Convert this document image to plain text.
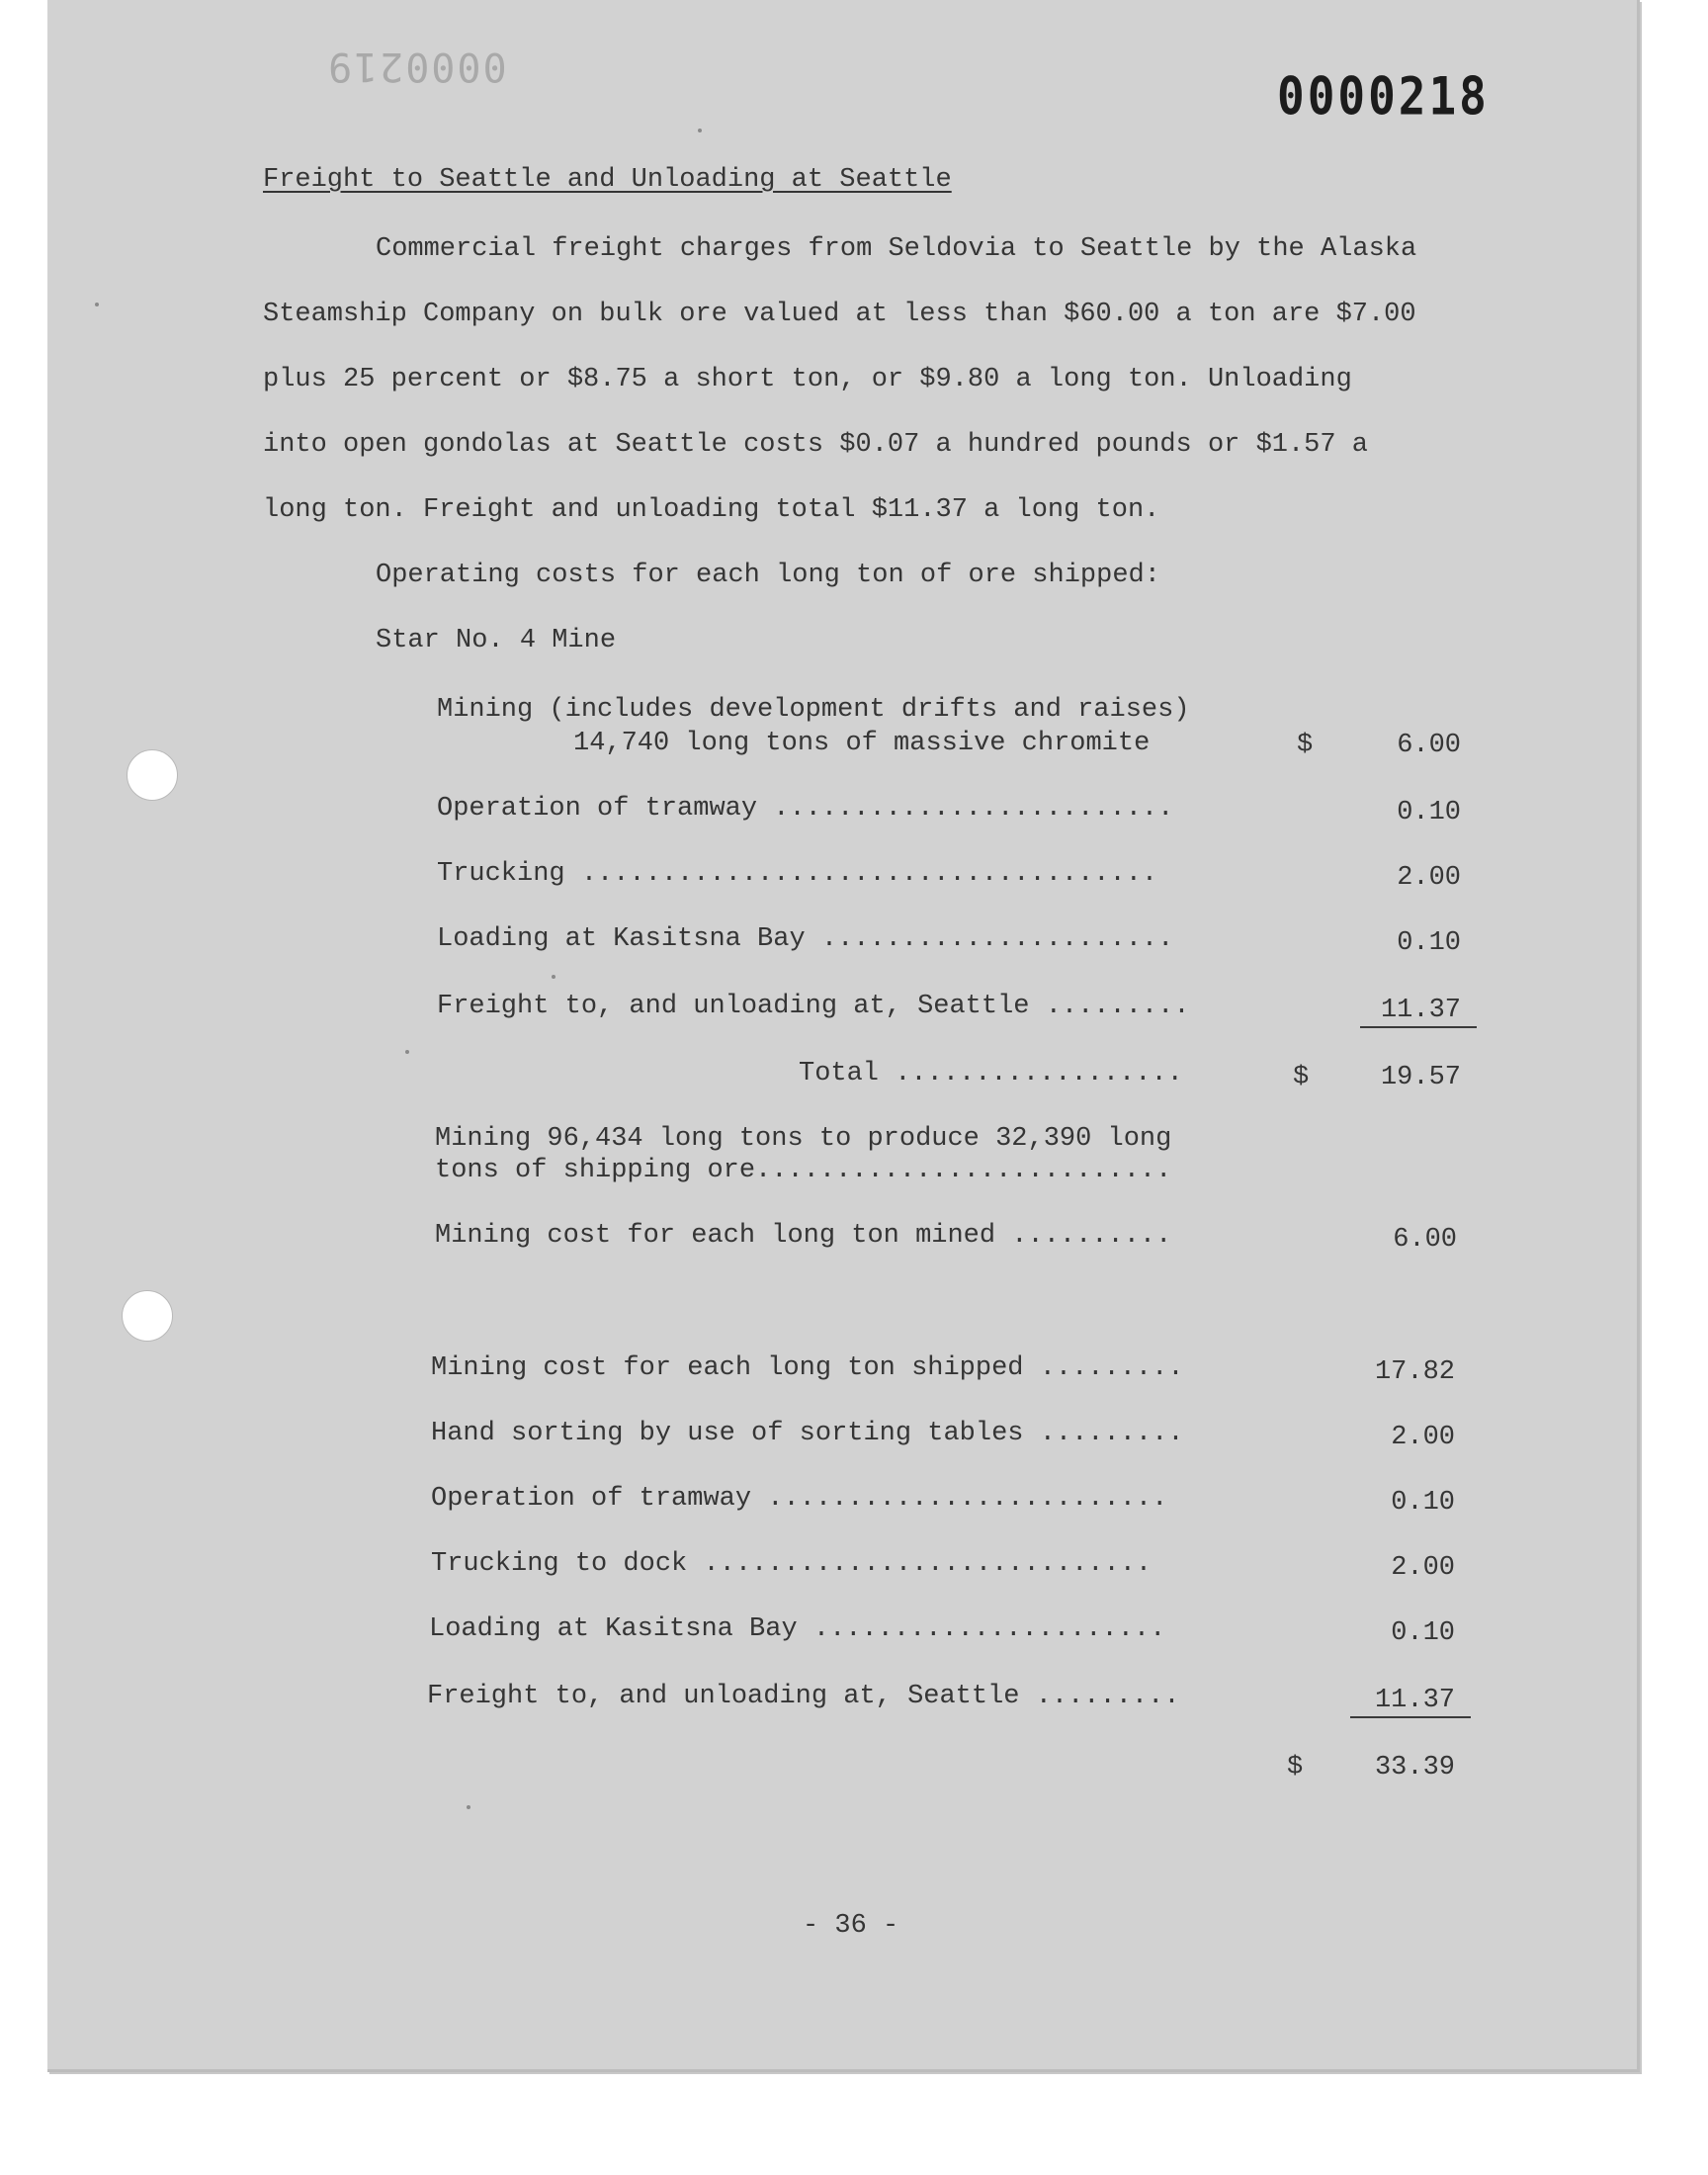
0000219	0000218
Freight to Seattle and Unloading at Seattle
Commercial freight charges from Seldovia to Seattle by the Alaska
Steamship Company on bulk ore valued at less than $60.00 a ton are $7.00
plus 25 percent or $8.75 a short ton, or $9.80 a long ton. Unloading
into open gondolas at Seattle costs $0.07 a hundred pounds or $1.57 a
long ton. Freight and unloading total $11.37 a long ton.
Operating costs for each long ton of ore shipped:
Star No. 4 Mine
Mining (includes development drifts and raises)
14,740 long tons of massive chromite	$	6.00
Operation of tramway .........................	0.10
Trucking ....................................	2.00
Loading at Kasitsna Bay ......................	0.10
Freight to, and unloading at, Seattle .........	11.37
Total ..................	$	19.57
Mining 96,434 long tons to produce 32,390 long
tons of shipping ore..........................
Mining cost for each long ton mined ..........	6.00
Mining cost for each long ton shipped .........	17.82
Hand sorting by use of sorting tables .........	2.00
Operation of tramway .........................	0.10
Trucking to dock ............................	2.00
Loading at Kasitsna Bay ......................	0.10
Freight to, and unloading at, Seattle .........	11.37
$	33.39
- 36 -
